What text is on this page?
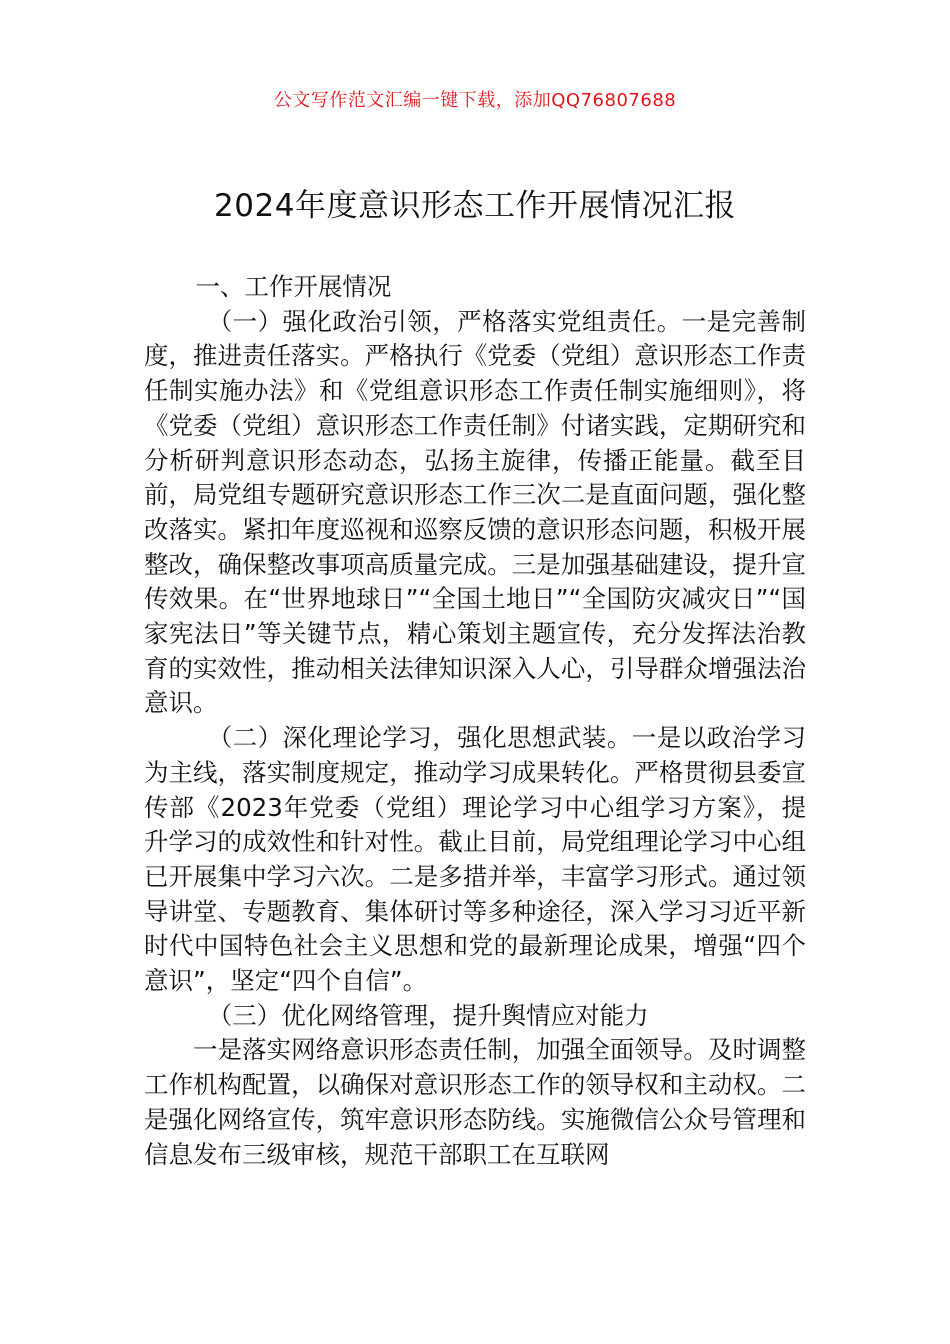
公文写作范文汇编一键下载，添加QQ76807688
2024年度意识形态工作开展情况汇报

一、工作开展情况

（一）强化政治引领，严格落实党组责任。一是完善制度，推进责任落实。严格执行《党委（党组）意识形态工作责任制实施办法》和《党组意识形态工作责任制实施细则》，将《党委（党组）意识形态工作责任制》付诸实践，定期研究和分析研判意识形态动态，弘扬主旋律，传播正能量。截至目前，局党组专题研究意识形态工作三次二是直面问题，强化整改落实。紧扣年度巡视和巡察反馈的意识形态问题，积极开展整改，确保整改事项高质量完成。三是加强基础建设，提升宣传效果。在“世界地球日”“全国土地日”“全国防灾减灾日”“国家宪法日”等关键节点，精心策划主题宣传，充分发挥法治教育的实效性，推动相关法律知识深入人心，引导群众增强法治意识。

（二）深化理论学习，强化思想武装。一是以政治学习为主线，落实制度规定，推动学习成果转化。严格贯彻县委宣传部《2023年党委（党组）理论学习中心组学习方案》，提升学习的成效性和针对性。截止目前，局党组理论学习中心组已开展集中学习六次。二是多措并举，丰富学习形式。通过领导讲堂、专题教育、集体研讨等多种途径，深入学习习近平新时代中国特色社会主义思想和党的最新理论成果，增强“四个意识”，坚定“四个自信”。

（三）优化网络管理，提升舆情应对能力

一是落实网络意识形态责任制，加强全面领导。及时调整工作机构配置，以确保对意识形态工作的领导权和主动权。二是强化网络宣传，筑牢意识形态防线。实施微信公众号管理和信息发布三级审核，规范干部职工在互联网
